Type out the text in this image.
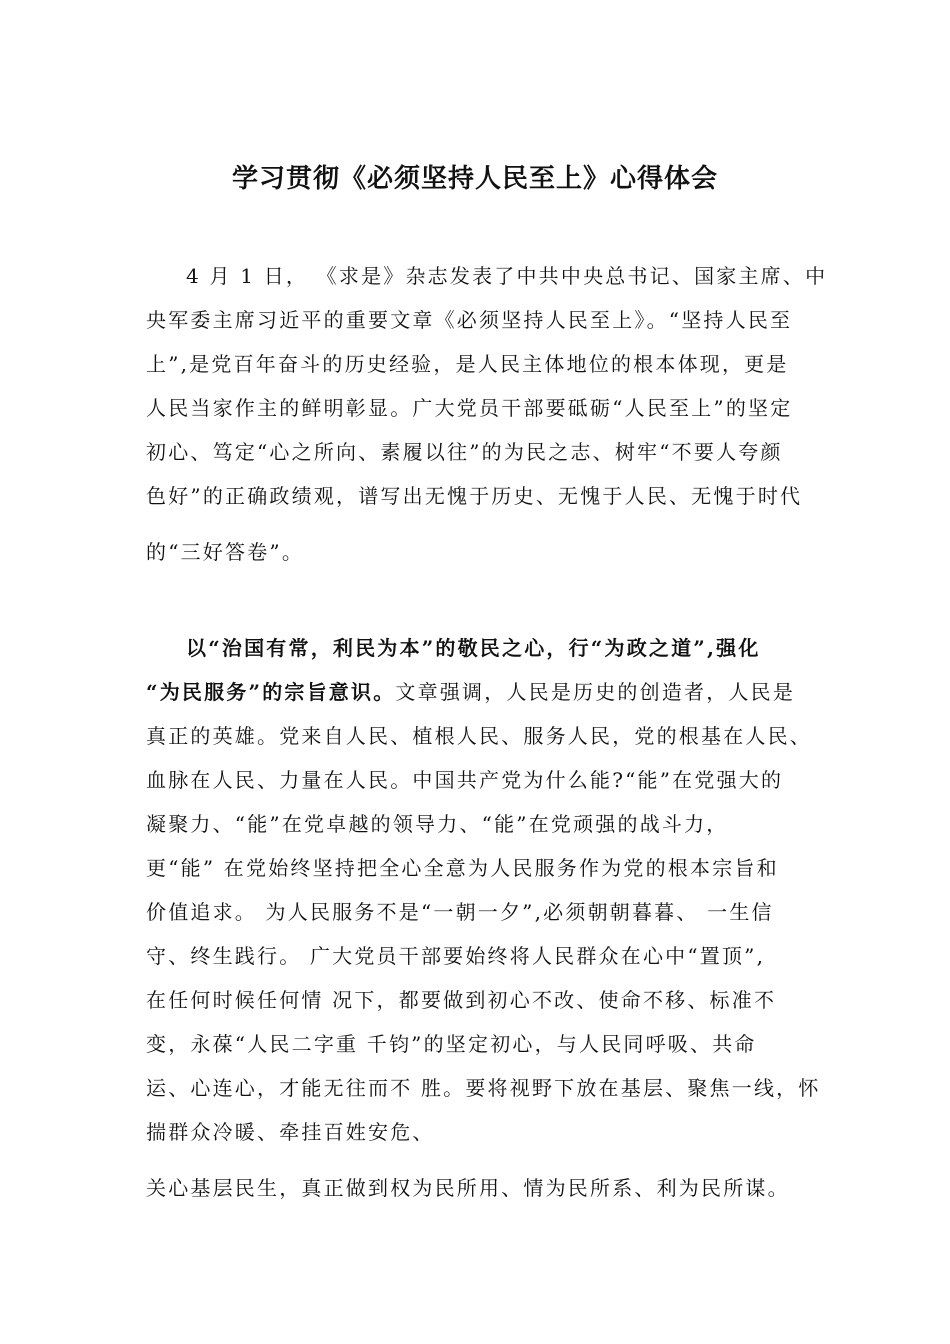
学习贯彻《必须坚持人民至上》心得体会
4 月 1 日， 《求是》杂志发表了中共中央总书记、国家主席、中
央军委主席习近平的重要文章《必须坚持人民至上》。“坚持人民至
上”,是党百年奋斗的历史经验，是人民主体地位的根本体现，更是
人民当家作主的鲜明彰显。广大党员干部要砥砺“人民至上”的坚定
初心、笃定“心之所向、素履以往”的为民之志、树牢“不要人夸颜
色好”的正确政绩观，谱写出无愧于历史、无愧于人民、无愧于时代
的“三好答卷”。
以“治国有常，利民为本”的敬民之心，行“为政之道”,强化
“为民服务”的宗旨意识。文章强调，人民是历史的创造者，人民是
真正的英雄。党来自人民、植根人民、服务人民，党的根基在人民、
血脉在人民、力量在人民。中国共产党为什么能?“能”在党强大的
凝聚力、“能”在党卓越的领导力、“能”在党顽强的战斗力，
更“能” 在党始终坚持把全心全意为人民服务作为党的根本宗旨和
价值追求。 为人民服务不是“一朝一夕”,必须朝朝暮暮、 一生信
守、终生践行。 广大党员干部要始终将人民群众在心中“置顶”,
在任何时候任何情 况下，都要做到初心不改、使命不移、标准不
变，永葆“人民二字重 千钧”的坚定初心，与人民同呼吸、共命
运、心连心，才能无往而不 胜。要将视野下放在基层、聚焦一线，怀
揣群众冷暖、牵挂百姓安危、
关心基层民生，真正做到权为民所用、情为民所系、利为民所谋。
